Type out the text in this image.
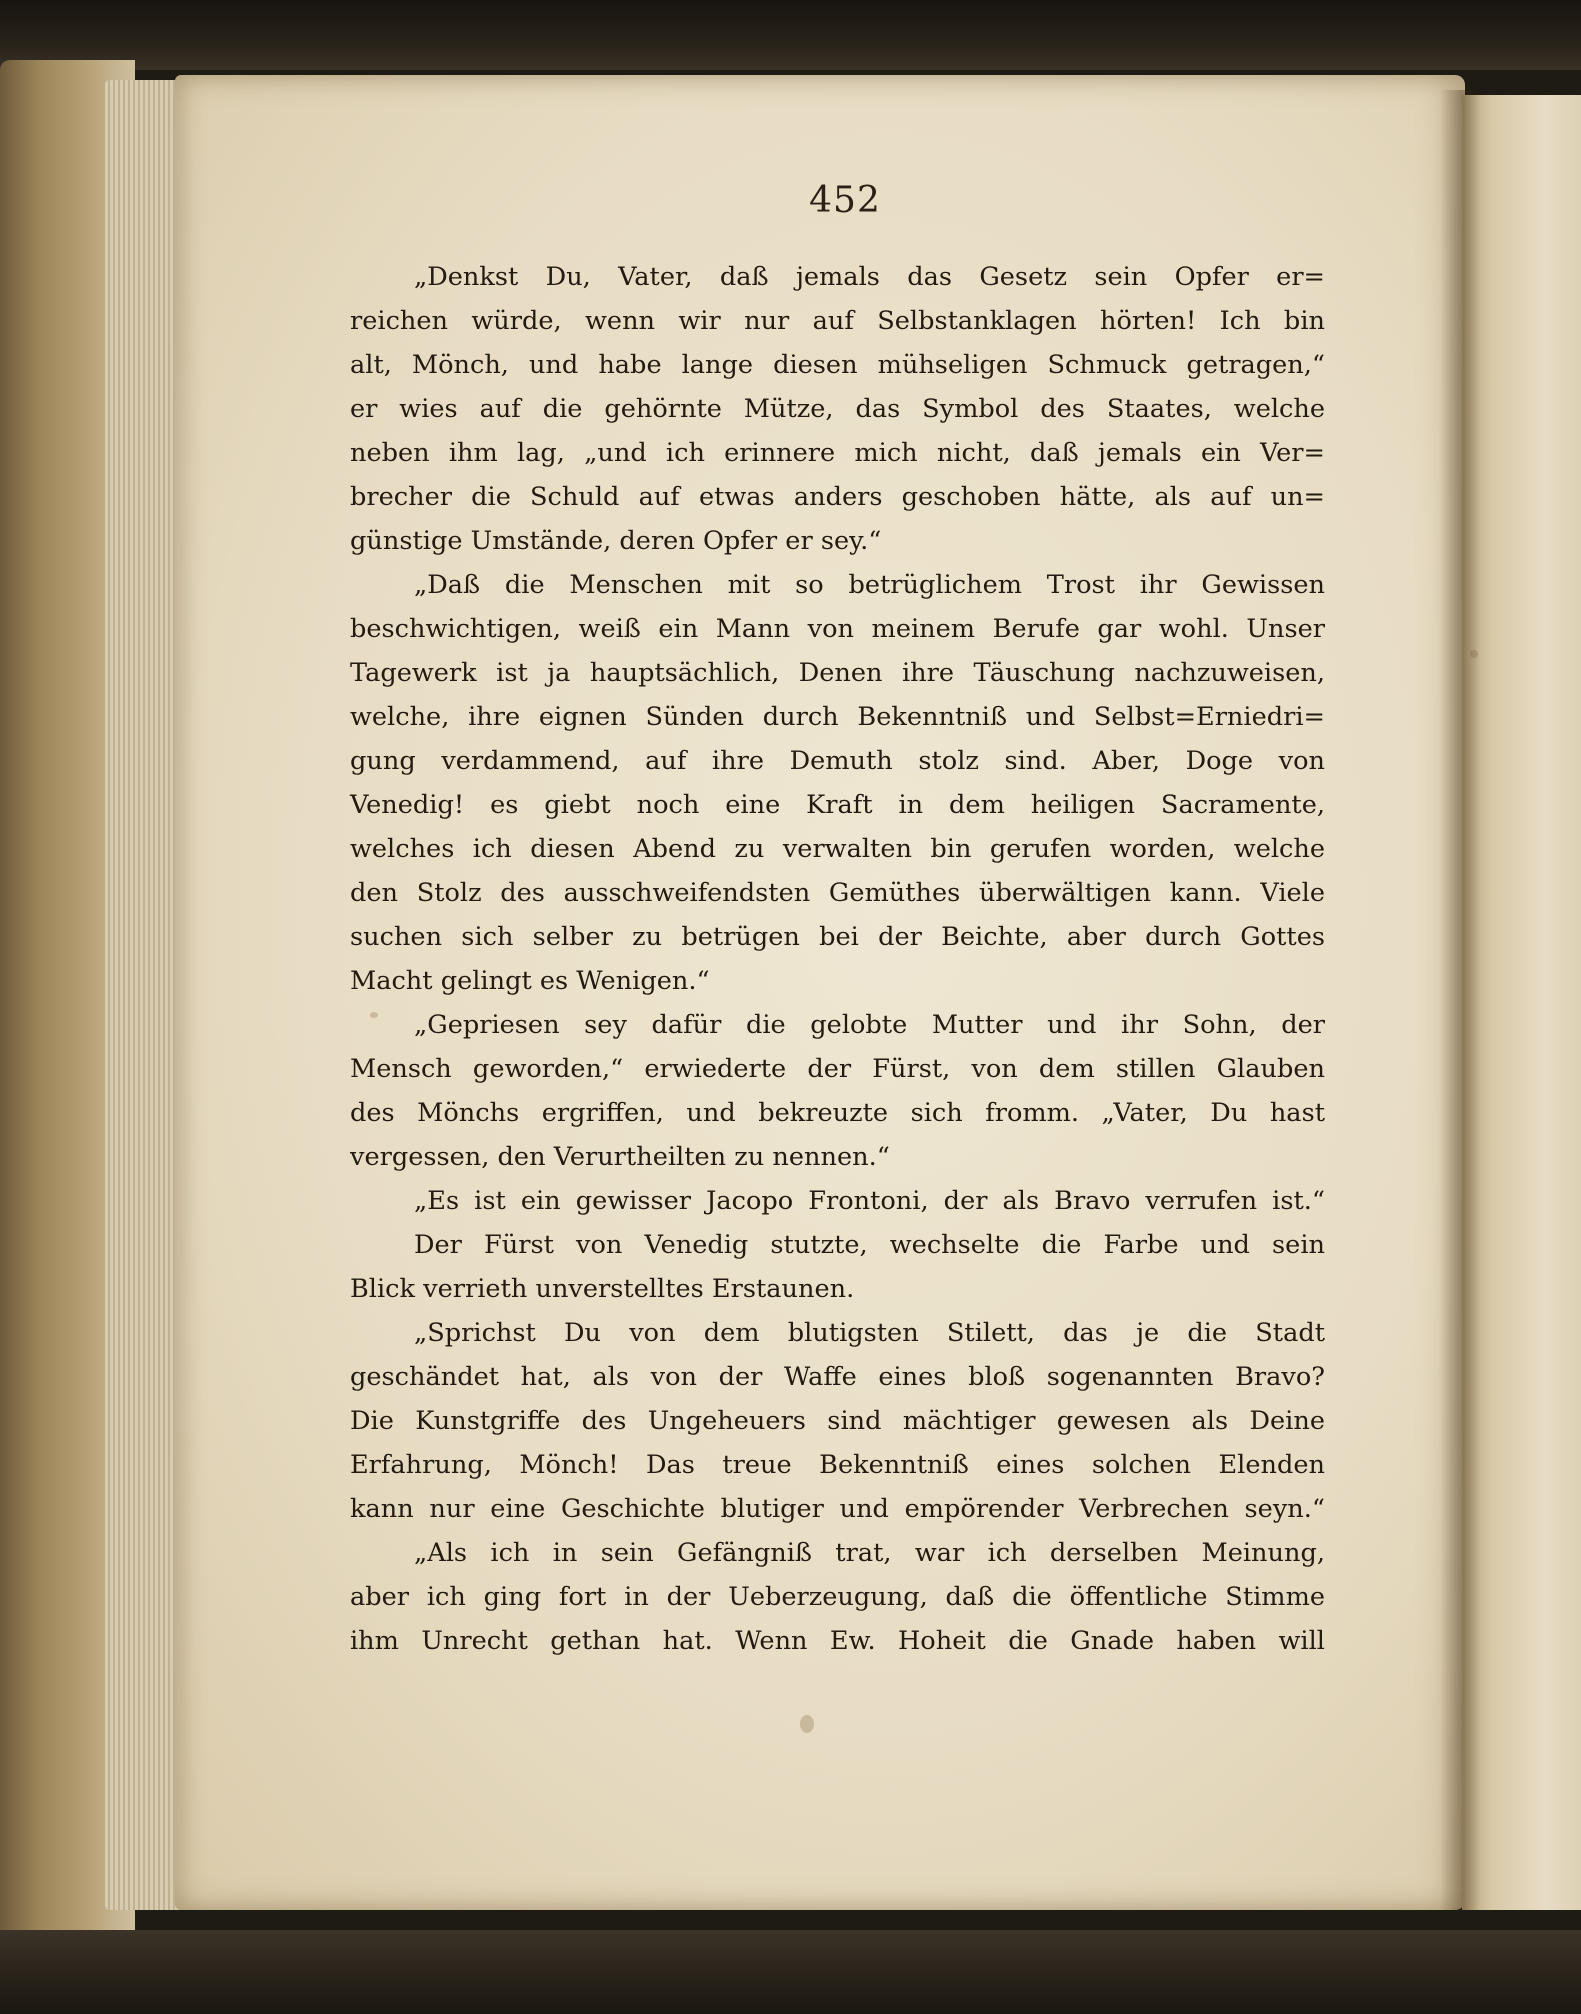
452
„Denkst Du, Vater, daß jemals das Gesetz sein Opfer er=
reichen würde, wenn wir nur auf Selbstanklagen hörten! Ich bin
alt, Mönch, und habe lange diesen mühseligen Schmuck getragen,“
er wies auf die gehörnte Mütze, das Symbol des Staates, welche
neben ihm lag, „und ich erinnere mich nicht, daß jemals ein Ver=
brecher die Schuld auf etwas anders geschoben hätte, als auf un=
günstige Umstände, deren Opfer er sey.“
„Daß die Menschen mit so betrüglichem Trost ihr Gewissen
beschwichtigen, weiß ein Mann von meinem Berufe gar wohl. Unser
Tagewerk ist ja hauptsächlich, Denen ihre Täuschung nachzuweisen,
welche, ihre eignen Sünden durch Bekenntniß und Selbst=Erniedri=
gung verdammend, auf ihre Demuth stolz sind. Aber, Doge von
Venedig! es giebt noch eine Kraft in dem heiligen Sacramente,
welches ich diesen Abend zu verwalten bin gerufen worden, welche
den Stolz des ausschweifendsten Gemüthes überwältigen kann. Viele
suchen sich selber zu betrügen bei der Beichte, aber durch Gottes
Macht gelingt es Wenigen.“
„Gepriesen sey dafür die gelobte Mutter und ihr Sohn, der
Mensch geworden,“ erwiederte der Fürst, von dem stillen Glauben
des Mönchs ergriffen, und bekreuzte sich fromm. „Vater, Du hast
vergessen, den Verurtheilten zu nennen.“
„Es ist ein gewisser Jacopo Frontoni, der als Bravo verrufen ist.“
Der Fürst von Venedig stutzte, wechselte die Farbe und sein
Blick verrieth unverstelltes Erstaunen.
„Sprichst Du von dem blutigsten Stilett, das je die Stadt
geschändet hat, als von der Waffe eines bloß sogenannten Bravo?
Die Kunstgriffe des Ungeheuers sind mächtiger gewesen als Deine
Erfahrung, Mönch! Das treue Bekenntniß eines solchen Elenden
kann nur eine Geschichte blutiger und empörender Verbrechen seyn.“
„Als ich in sein Gefängniß trat, war ich derselben Meinung,
aber ich ging fort in der Ueberzeugung, daß die öffentliche Stimme
ihm Unrecht gethan hat. Wenn Ew. Hoheit die Gnade haben will
